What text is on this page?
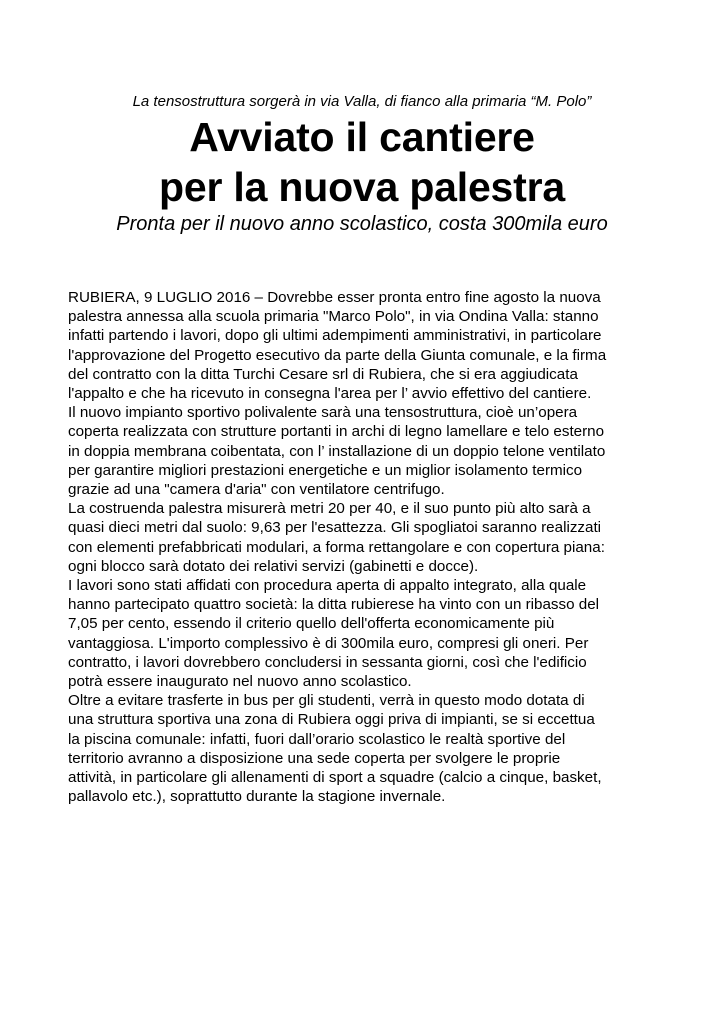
La tensostruttura sorgerà in via Valla, di fianco alla primaria “M. Polo”
Avviato il cantiere
per la nuova palestra
Pronta per il nuovo anno scolastico, costa 300mila euro
RUBIERA, 9 LUGLIO 2016 – Dovrebbe esser pronta entro fine agosto la nuova
palestra annessa alla scuola primaria "Marco Polo", in via Ondina Valla: stanno
infatti partendo i lavori, dopo gli ultimi adempimenti amministrativi, in particolare
l'approvazione del Progetto esecutivo da parte della Giunta comunale, e la firma
del contratto con la ditta Turchi Cesare srl di Rubiera, che si era aggiudicata
l'appalto e che ha ricevuto in consegna l'area per l’ avvio effettivo del cantiere.
Il nuovo impianto sportivo polivalente sarà una tensostruttura, cioè un’opera
coperta realizzata con strutture portanti in archi di legno lamellare e telo esterno
in doppia membrana coibentata, con l’ installazione di un doppio telone ventilato
per garantire migliori prestazioni energetiche e un miglior isolamento termico
grazie ad una "camera d'aria" con ventilatore centrifugo.
La costruenda palestra misurerà metri 20 per 40, e il suo punto più alto sarà a
quasi dieci metri dal suolo: 9,63 per l'esattezza. Gli spogliatoi saranno realizzati
con elementi prefabbricati modulari, a forma rettangolare e con copertura piana:
ogni blocco sarà dotato dei relativi servizi (gabinetti e docce).
I lavori sono stati affidati con procedura aperta di appalto integrato, alla quale
hanno partecipato quattro società: la ditta rubierese ha vinto con un ribasso del
7,05 per cento, essendo il criterio quello dell'offerta economicamente più
vantaggiosa. L'importo complessivo è di 300mila euro, compresi gli oneri. Per
contratto, i lavori dovrebbero concludersi in sessanta giorni, così che l'edificio
potrà essere inaugurato nel nuovo anno scolastico.
Oltre a evitare trasferte in bus per gli studenti, verrà in questo modo dotata di
una struttura sportiva una zona di Rubiera oggi priva di impianti, se si eccettua
la piscina comunale: infatti, fuori dall’orario scolastico le realtà sportive del
territorio avranno a disposizione una sede coperta per svolgere le proprie
attività, in particolare gli allenamenti di sport a squadre (calcio a cinque, basket,
pallavolo etc.), soprattutto durante la stagione invernale.
